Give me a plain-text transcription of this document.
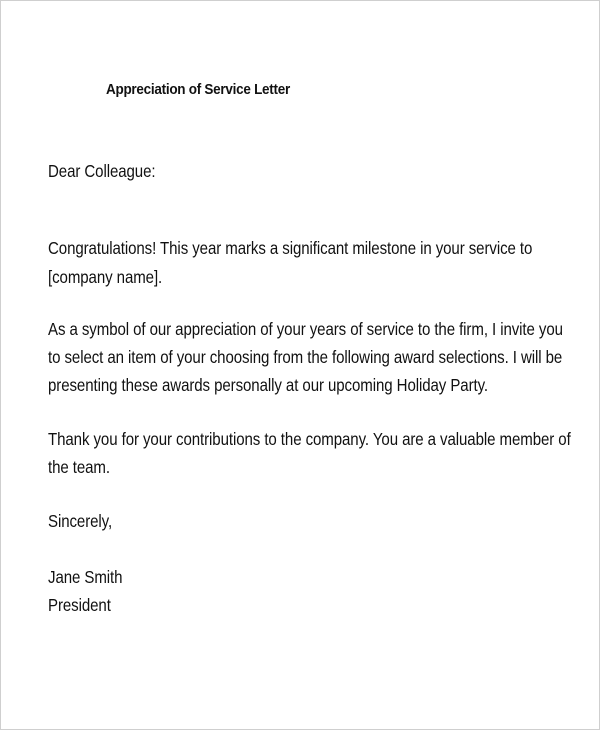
Appreciation of Service Letter
Dear Colleague:
Congratulations! This year marks a significant milestone in your service to
[company name].
As a symbol of our appreciation of your years of service to the firm, I invite you
to select an item of your choosing from the following award selections. I will be
presenting these awards personally at our upcoming Holiday Party.
Thank you for your contributions to the company. You are a valuable member of
the team.
Sincerely,
Jane Smith
President
